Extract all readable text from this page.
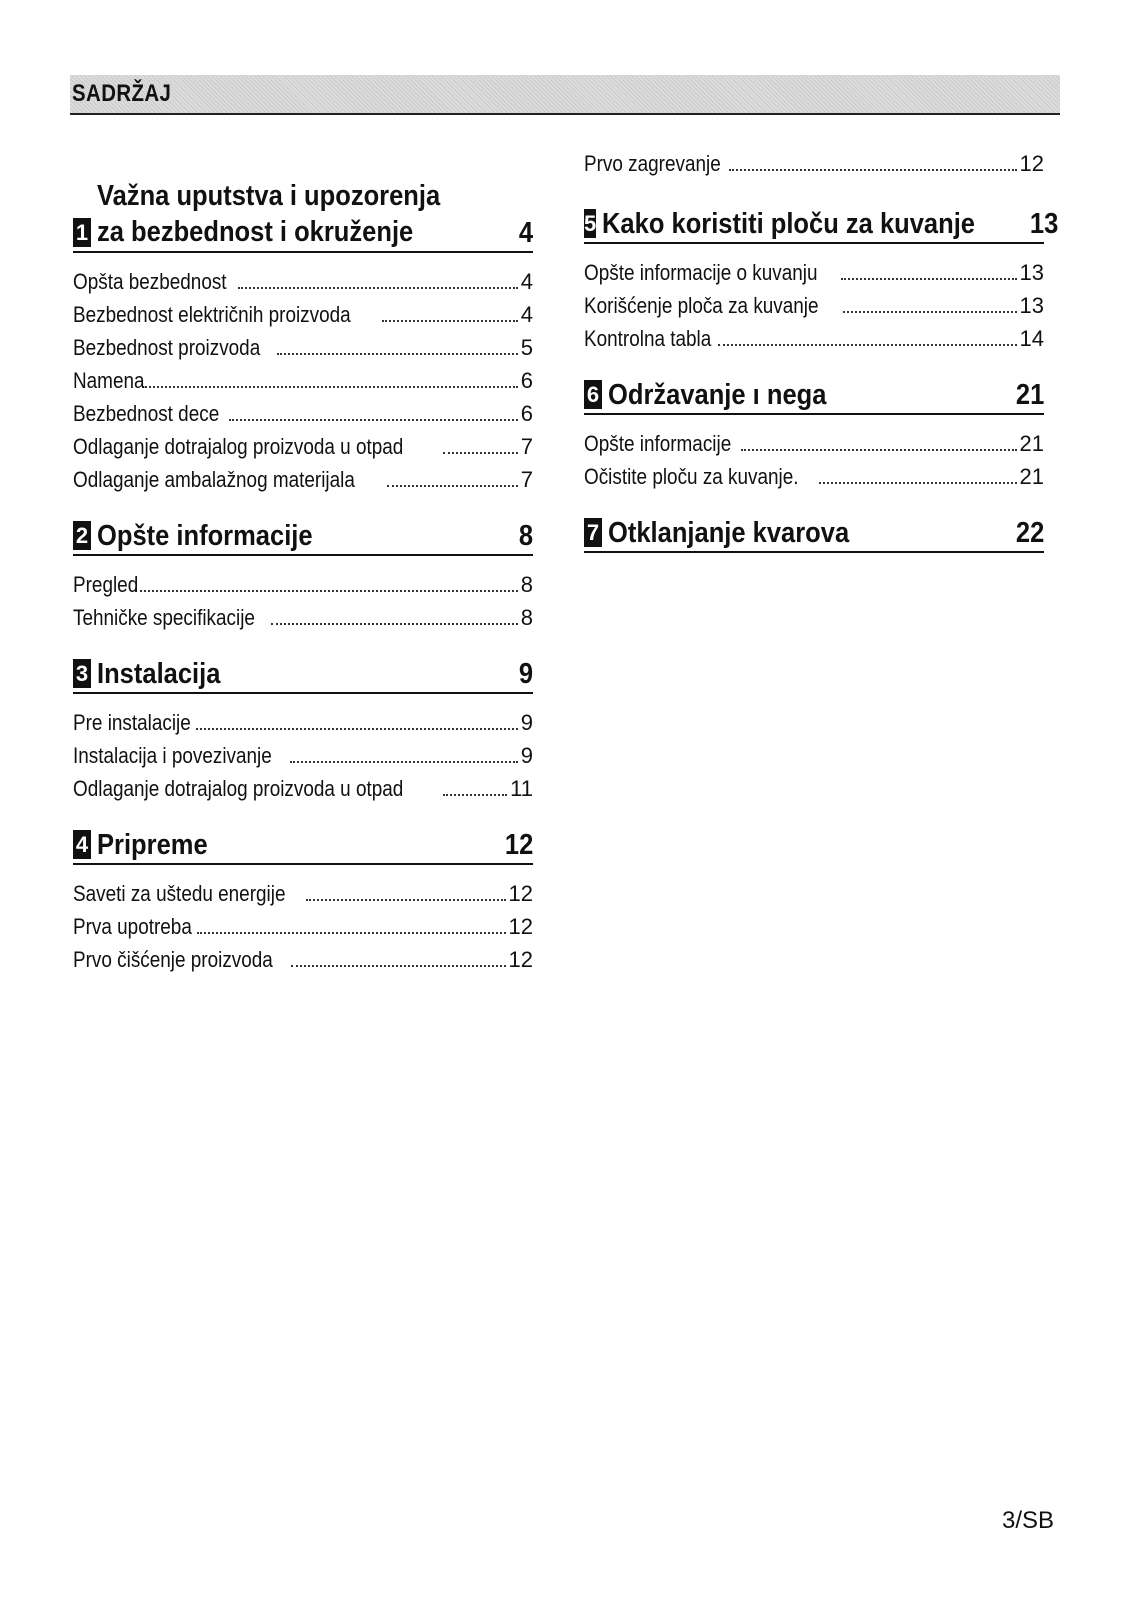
SADRŽAJ
1
Važna uputstva i upozorenja za bezbednost i okruženje	4
Opšta bezbednost	4
Bezbednost električnih proizvoda	4
Bezbednost proizvoda	5
Namena	6
Bezbednost dece	6
Odlaganje dotrajalog proizvoda u otpad	7
Odlaganje ambalažnog materijala	7
2 Opšte informacije	8
Pregled	8
Tehničke specifikacije	8
3 Instalacija	9
Pre instalacije	9
Instalacija i povezivanje	9
Odlaganje dotrajalog proizvoda u otpad	11
4 Pripreme	12
Saveti za uštedu energije	12
Prva upotreba	12
Prvo čišćenje proizvoda	12
Prvo zagrevanje	12
5 Kako koristiti ploču za kuvanje 13
Opšte informacije o kuvanju	13
Korišćenje ploča za kuvanje	13
Kontrolna tabla	14
6 Održavanje ı nega	21
Opšte informacije	21
Očistite ploču za kuvanje.	21
7 Otklanjanje kvarova	22
3/SB
